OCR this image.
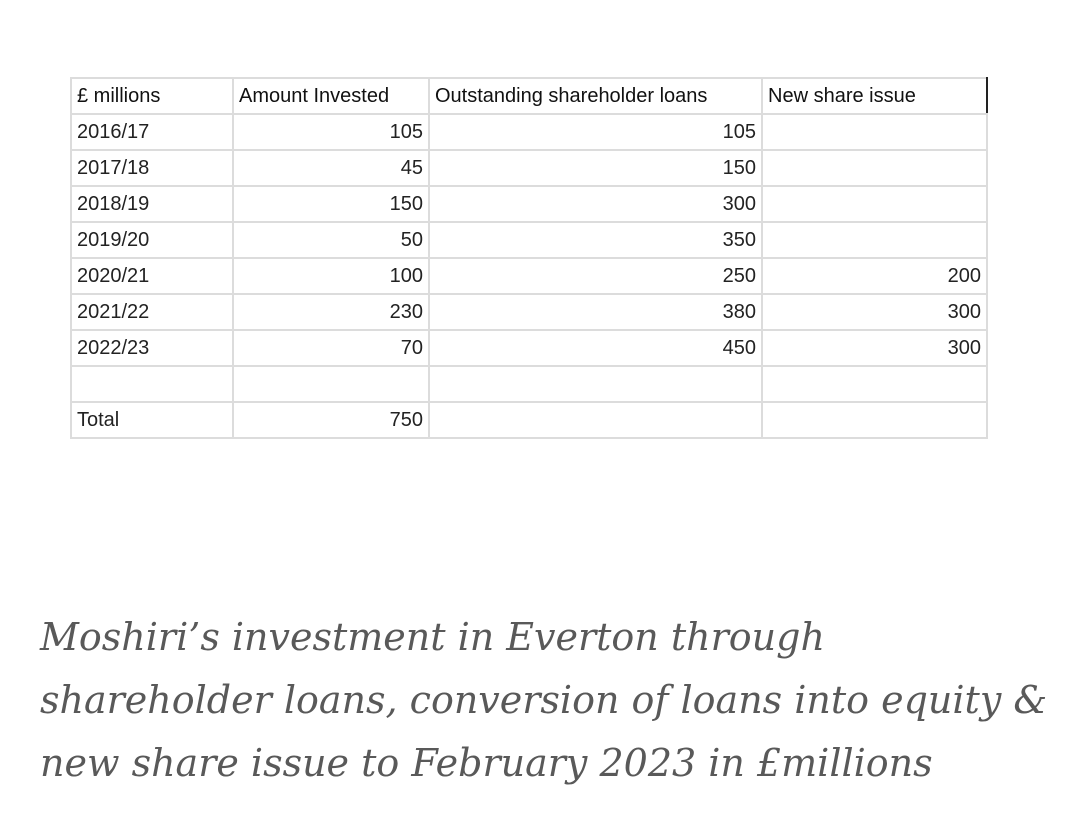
£ millions	Amount Invested	Outstanding shareholder loans	New share issue
2016/17	105	105	
2017/18	45	150	
2018/19	150	300	
2019/20	50	350	
2020/21	100	250	200
2021/22	230	380	300
2022/23	70	450	300

Total	750		

Moshiri’s investment in Everton through shareholder loans, conversion of loans into equity & new share issue to February 2023 in £millions
